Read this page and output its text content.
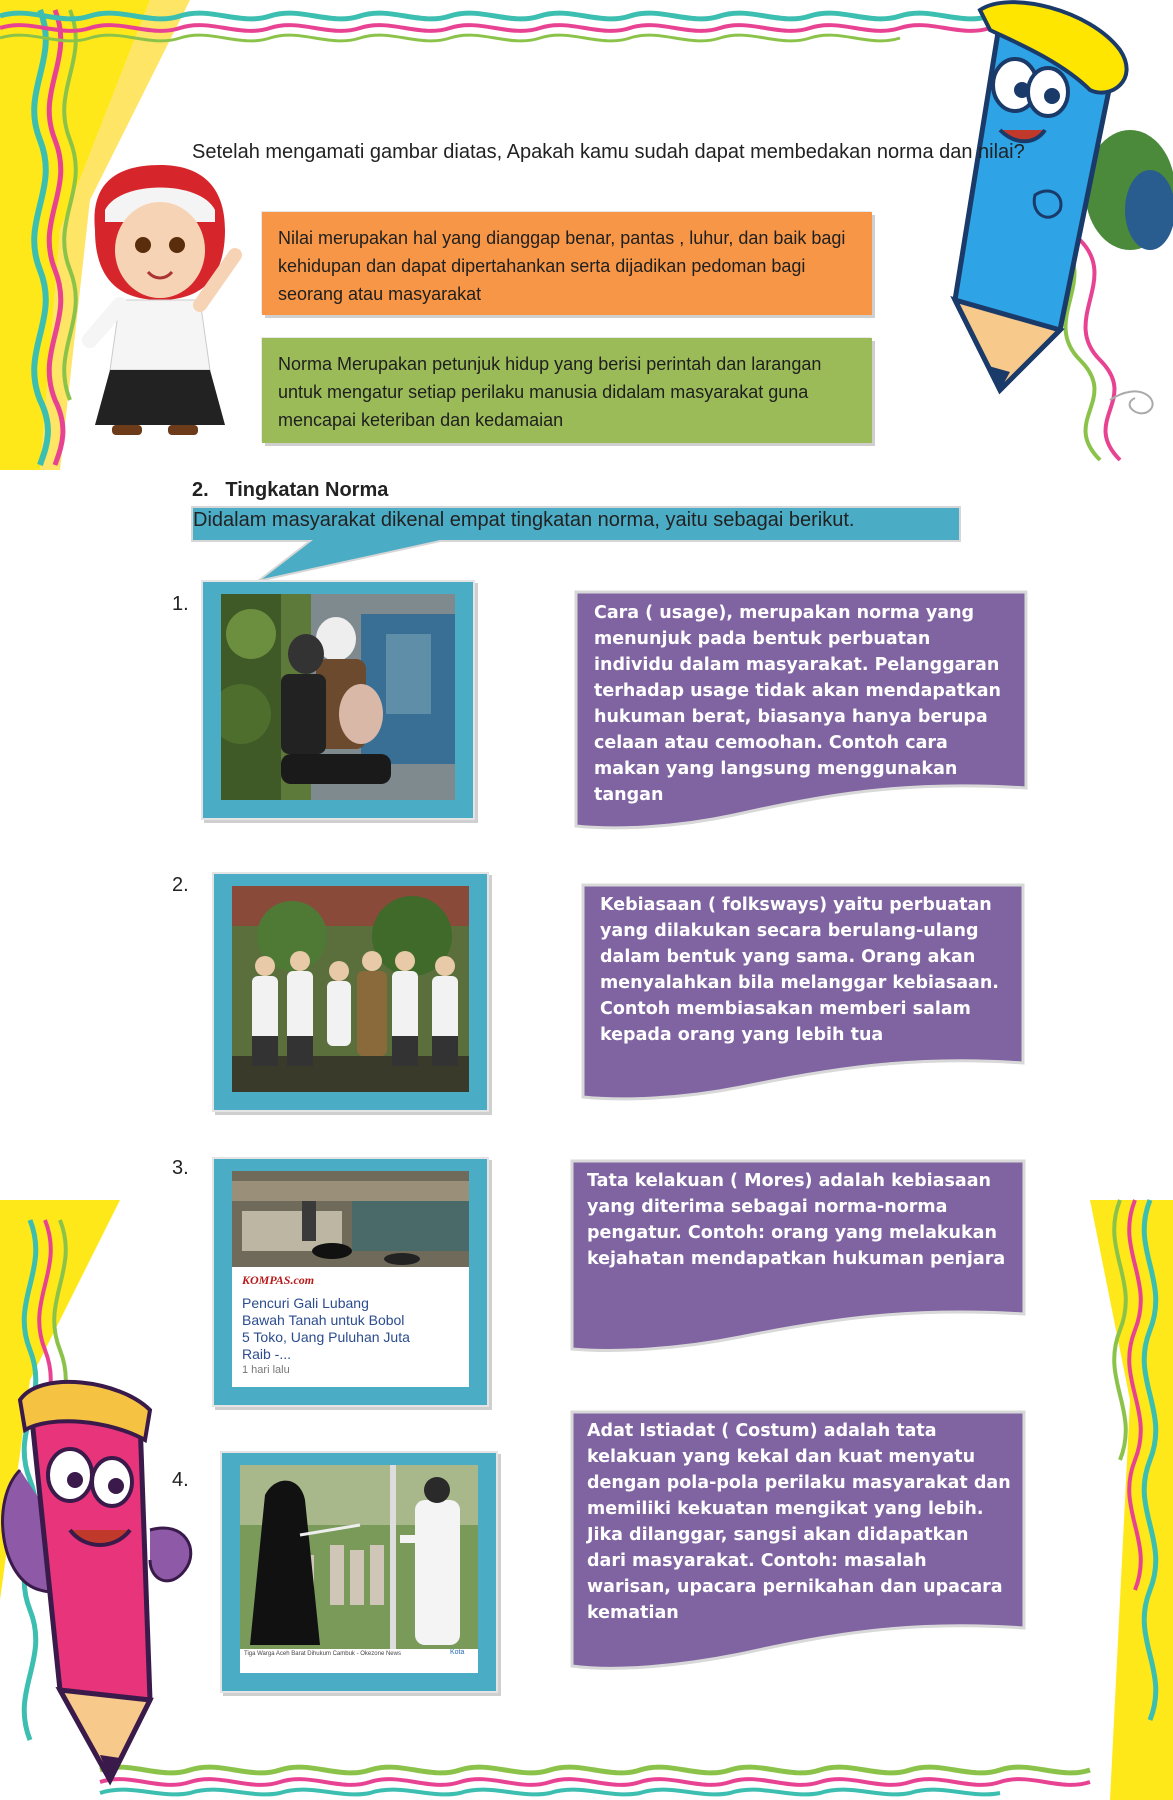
Setelah mengamati gambar diatas, Apakah kamu sudah dapat membedakan norma dan nilai?
Nilai merupakan hal yang dianggap benar, pantas , luhur, dan baik bagi kehidupan dan dapat dipertahankan serta dijadikan pedoman bagi seorang atau masyarakat
Norma Merupakan petunjuk hidup yang berisi perintah dan larangan untuk mengatur setiap perilaku manusia didalam masyarakat guna mencapai keteriban dan kedamaian
2. Tingkatan Norma
Didalam masyarakat dikenal empat tingkatan norma, yaitu sebagai berikut.
1.	Cara ( usage), merupakan norma yang menunjuk pada bentuk perbuatan individu dalam masyarakat. Pelanggaran terhadap usage tidak akan mendapatkan hukuman berat, biasanya hanya berupa celaan atau cemoohan. Contoh cara makan yang langsung menggunakan tangan
2.
Kebiasaan ( folksways) yaitu perbuatan yang dilakukan secara berulang-ulang dalam bentuk yang sama. Orang akan menyalahkan bila melanggar kebiasaan. Contoh membiasakan memberi salam kepada orang yang lebih tua
3.
KOMPAS.com
Pencuri Gali Lubang Bawah Tanah untuk Bobol 5 Toko, Uang Puluhan Juta Raib -...
1 hari lalu
Tata kelakuan ( Mores) adalah kebiasaan yang diterima sebagai norma-norma pengatur. Contoh: orang yang melakukan kejahatan mendapatkan hukuman penjara
4.
Tiga Warga Aceh Barat Dihukum Cambuk - Okezone News	Kota
Adat Istiadat ( Costum) adalah tata kelakuan yang kekal dan kuat menyatu dengan pola-pola perilaku masyarakat dan memiliki kekuatan mengikat yang lebih. Jika dilanggar, sangsi akan didapatkan dari masyarakat. Contoh: masalah warisan, upacara pernikahan dan upacara kematian
